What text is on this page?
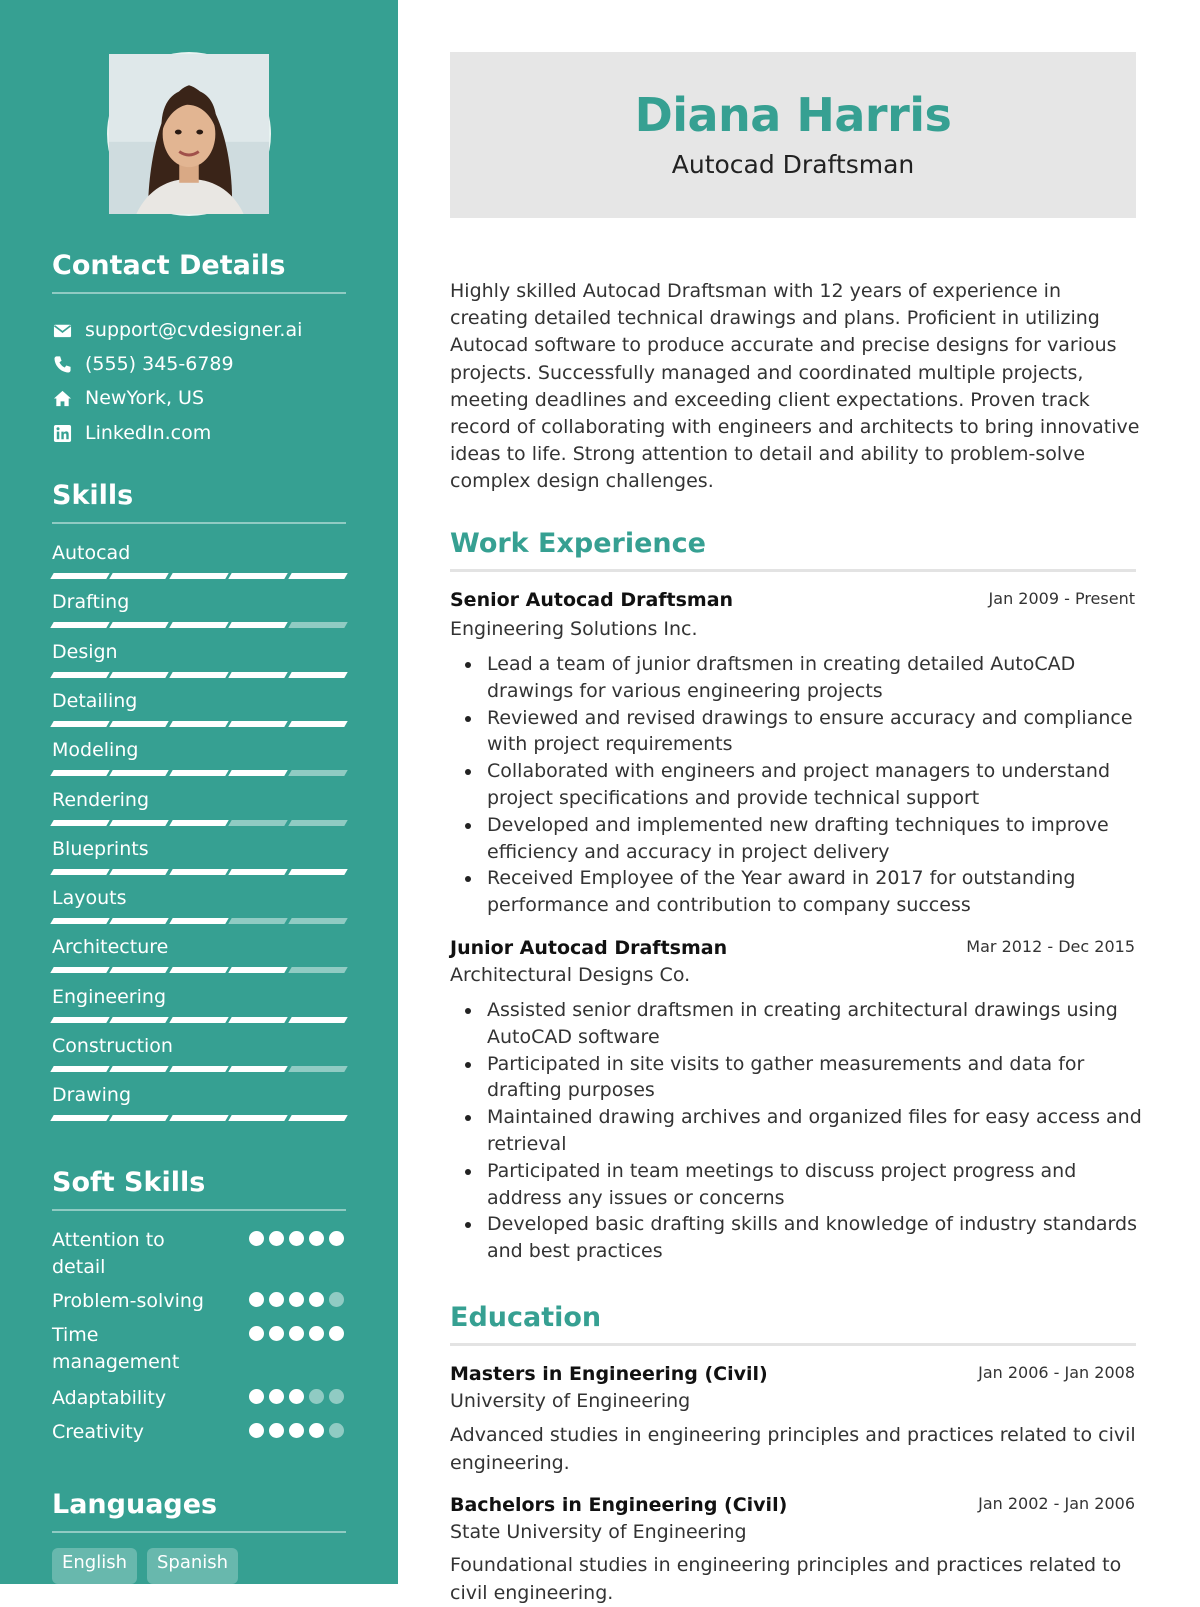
Contact Details
support@cvdesigner.ai
(555) 345-6789
NewYork, US
LinkedIn.com
Skills
Autocad
Drafting
Design
Detailing
Modeling
Rendering
Blueprints
Layouts
Architecture
Engineering
Construction
Drawing
Soft Skills
Attention to detail
Problem-solving
Time management
Adaptability
Creativity
Languages
English	Spanish
Diana Harris
Autocad Draftsman

Highly skilled Autocad Draftsman with 12 years of experience in creating detailed technical drawings and plans. Proficient in utilizing Autocad software to produce accurate and precise designs for various projects. Successfully managed and coordinated multiple projects, meeting deadlines and exceeding client expectations. Proven track record of collaborating with engineers and architects to bring innovative ideas to life. Strong attention to detail and ability to problem-solve complex design challenges.

Work Experience
Senior Autocad Draftsman	Jan 2009 - Present
Engineering Solutions Inc.
Lead a team of junior draftsmen in creating detailed AutoCAD drawings for various engineering projects
Reviewed and revised drawings to ensure accuracy and compliance with project requirements
Collaborated with engineers and project managers to understand project specifications and provide technical support
Developed and implemented new drafting techniques to improve efficiency and accuracy in project delivery
Received Employee of the Year award in 2017 for outstanding performance and contribution to company success
Junior Autocad Draftsman	Mar 2012 - Dec 2015
Architectural Designs Co.
Assisted senior draftsmen in creating architectural drawings using AutoCAD software
Participated in site visits to gather measurements and data for drafting purposes
Maintained drawing archives and organized files for easy access and retrieval
Participated in team meetings to discuss project progress and address any issues or concerns
Developed basic drafting skills and knowledge of industry standards and best practices
Education
Masters in Engineering (Civil)	Jan 2006 - Jan 2008
University of Engineering

Advanced studies in engineering principles and practices related to civil engineering.

Bachelors in Engineering (Civil)	Jan 2002 - Jan 2006
State University of Engineering

Foundational studies in engineering principles and practices related to civil engineering.
